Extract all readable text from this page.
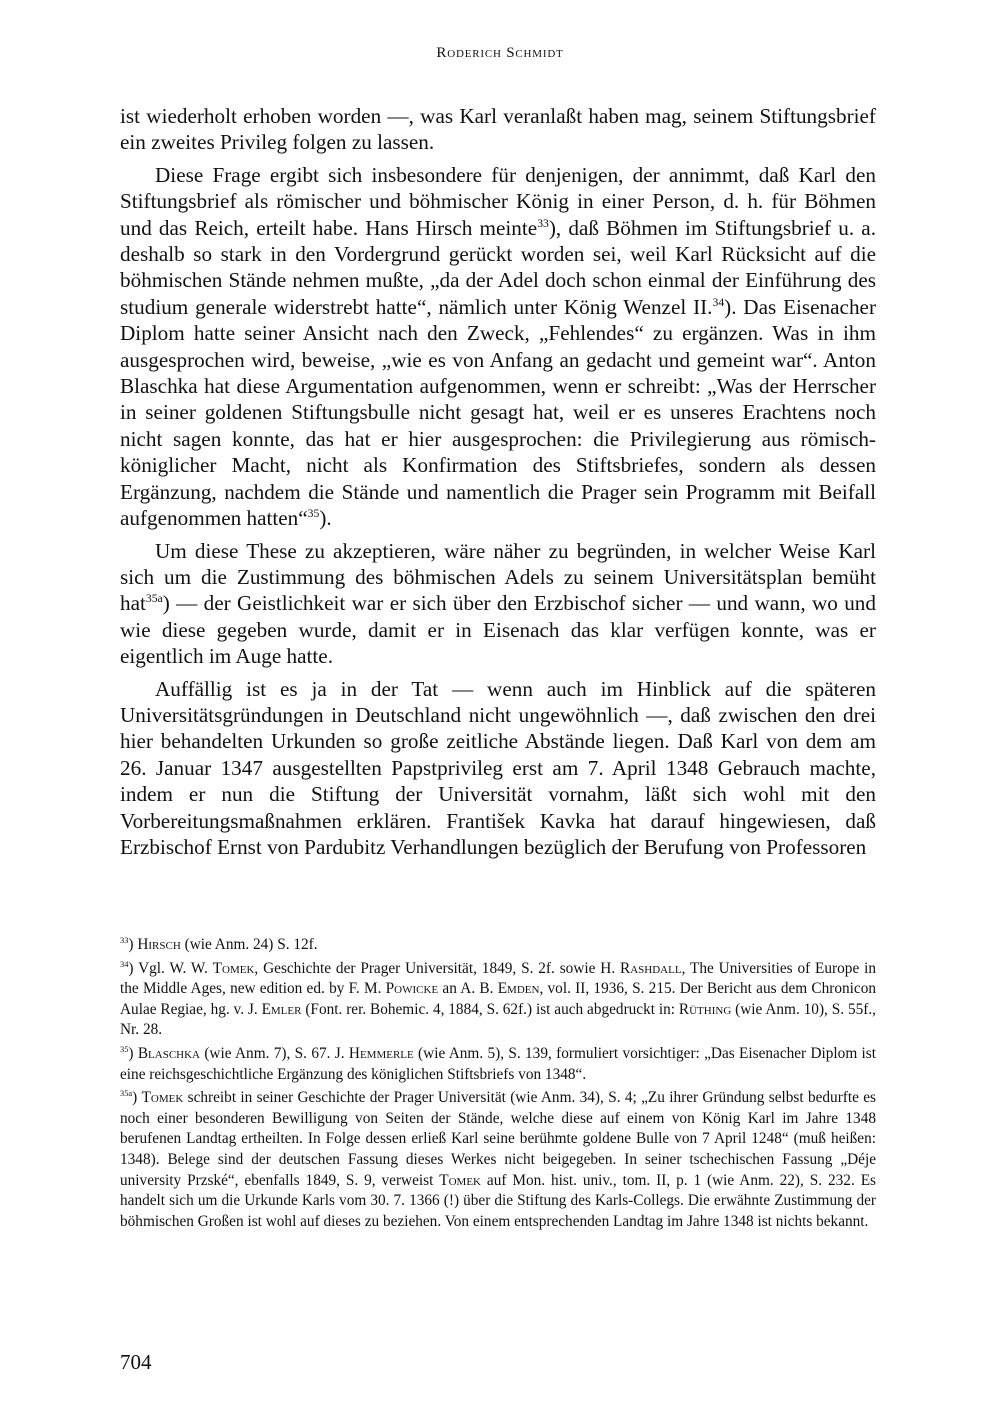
Roderich Schmidt

ist wiederholt erhoben worden —, was Karl veranlaßt haben mag, seinem Stiftungsbrief ein zweites Privileg folgen zu lassen.

Diese Frage ergibt sich insbesondere für denjenigen, der annimmt, daß Karl den Stiftungsbrief als römischer und böhmischer König in einer Person, d. h. für Böhmen und das Reich, erteilt habe. Hans Hirsch meinte$^{33}$), daß Böhmen im Stiftungsbrief u. a. deshalb so stark in den Vordergrund gerückt worden sei, weil Karl Rücksicht auf die böhmischen Stände nehmen mußte, „da der Adel doch schon einmal der Einführung des studium generale widerstrebt hatte“, nämlich unter König Wenzel II.$^{34}$). Das Eisenacher Diplom hatte seiner Ansicht nach den Zweck, „Fehlendes“ zu ergänzen. Was in ihm ausgesprochen wird, beweise, „wie es von Anfang an gedacht und gemeint war“. Anton Blaschka hat diese Argumentation aufgenommen, wenn er schreibt: „Was der Herrscher in seiner goldenen Stiftungsbulle nicht gesagt hat, weil er es unseres Erachtens noch nicht sagen konnte, das hat er hier ausgesprochen: die Privilegierung aus römisch-königlicher Macht, nicht als Konfirmation des Stiftsbriefes, sondern als dessen Ergänzung, nachdem die Stände und namentlich die Prager sein Programm mit Beifall aufgenommen hatten“$^{35}$).

Um diese These zu akzeptieren, wäre näher zu begründen, in welcher Weise Karl sich um die Zustimmung des böhmischen Adels zu seinem Universitätsplan bemüht hat$^{35a}$) — der Geistlichkeit war er sich über den Erzbischof sicher — und wann, wo und wie diese gegeben wurde, damit er in Eisenach das klar verfügen konnte, was er eigentlich im Auge hatte.

Auffällig ist es ja in der Tat — wenn auch im Hinblick auf die späteren Universitätsgründungen in Deutschland nicht ungewöhnlich —, daß zwischen den drei hier behandelten Urkunden so große zeitliche Abstände liegen. Daß Karl von dem am 26. Januar 1347 ausgestellten Papstprivileg erst am 7. April 1348 Gebrauch machte, indem er nun die Stiftung der Universität vornahm, läßt sich wohl mit den Vorbereitungsmaßnahmen erklären. František Kavka hat darauf hingewiesen, daß Erzbischof Ernst von Pardubitz Verhandlungen bezüglich der Berufung von Professoren

$^{33}$) Hirsch (wie Anm. 24) S. 12f.

$^{34}$) Vgl. W. W. Tomek, Geschichte der Prager Universität, 1849, S. 2f. sowie H. Rashdall, The Universities of Europe in the Middle Ages, new edition ed. by F. M. Powicke an A. B. Emden, vol. II, 1936, S. 215. Der Bericht aus dem Chronicon Aulae Regiae, hg. v. J. Emler (Font. rer. Bohemic. 4, 1884, S. 62f.) ist auch abgedruckt in: Rüthing (wie Anm. 10), S. 55f., Nr. 28.

$^{35}$) Blaschka (wie Anm. 7), S. 67. J. Hemmerle (wie Anm. 5), S. 139, formuliert vorsichtiger: „Das Eisenacher Diplom ist eine reichsgeschichtliche Ergänzung des königlichen Stiftsbriefs von 1348“.

$^{35a}$) Tomek schreibt in seiner Geschichte der Prager Universität (wie Anm. 34), S. 4; „Zu ihrer Gründung selbst bedurfte es noch einer besonderen Bewilligung von Seiten der Stände, welche diese auf einem von König Karl im Jahre 1348 berufenen Landtag ertheilten. In Folge dessen erließ Karl seine berühmte goldene Bulle von 7 April 1248“ (muß heißen: 1348). Belege sind der deutschen Fassung dieses Werkes nicht beigegeben. In seiner tschechischen Fassung „Déje university Przské“, ebenfalls 1849, S. 9, verweist Tomek auf Mon. hist. univ., tom. II, p. 1 (wie Anm. 22), S. 232. Es handelt sich um die Urkunde Karls vom 30. 7. 1366 (!) über die Stiftung des Karls-Collegs. Die erwähnte Zustimmung der böhmischen Großen ist wohl auf dieses zu beziehen. Von einem entsprechenden Landtag im Jahre 1348 ist nichts bekannt.

704
